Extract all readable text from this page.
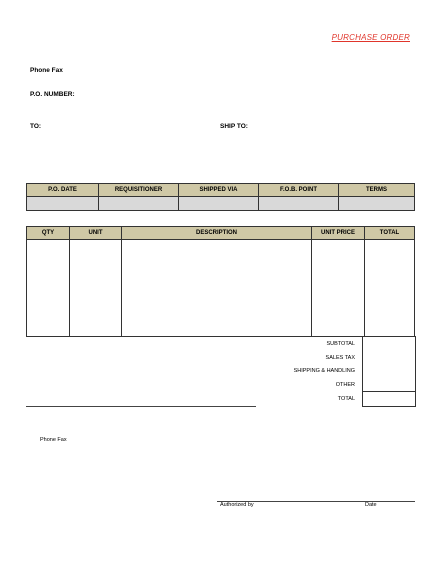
PURCHASE ORDER
Phone Fax
P.O. NUMBER:
TO:	SHIP TO:
P.O. DATE	REQUISITIONER	SHIPPED VIA	F.O.B. POINT	TERMS

QTY	UNIT	DESCRIPTION	UNIT PRICE	TOTAL

SUBTOTAL
SALES TAX
SHIPPING & HANDLING
OTHER
TOTAL
Phone Fax
Authorized by	Date
